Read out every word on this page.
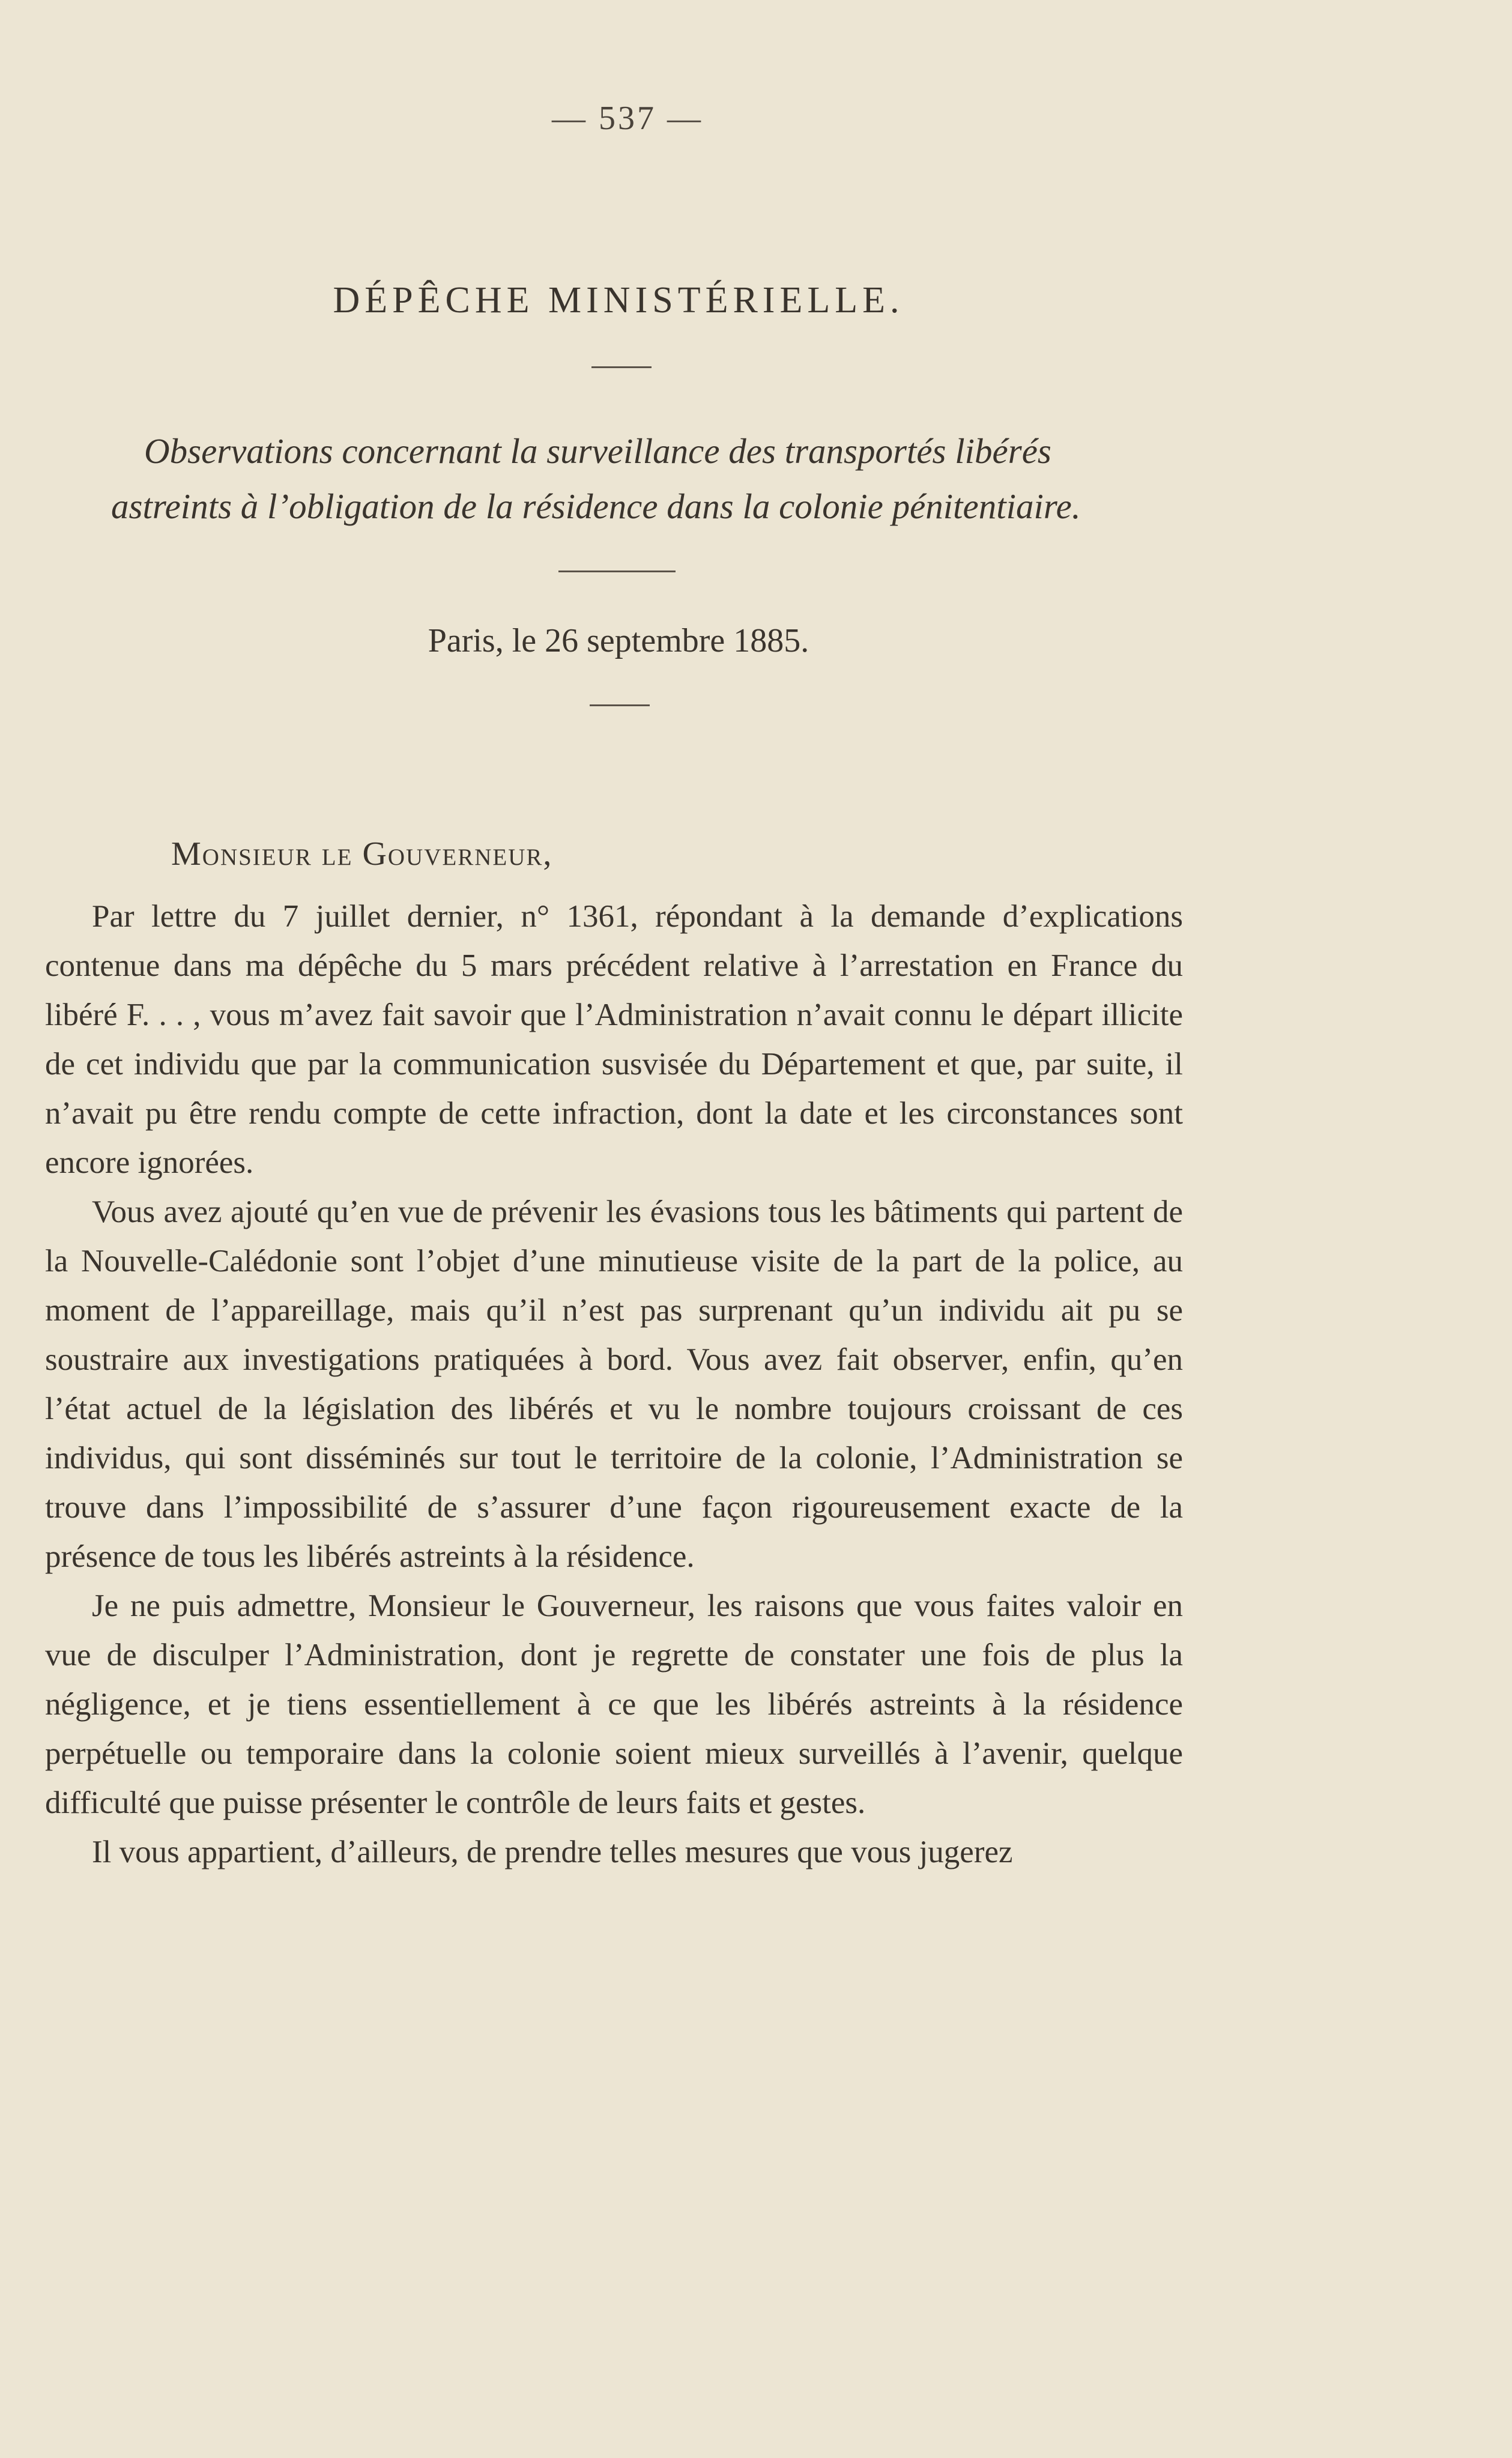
— 537 —
DÉPÊCHE MINISTÉRIELLE.
Observations concernant la surveillance des transportés libérés
astreints à l’obligation de la résidence dans la colonie pénitentiaire.
Paris, le 26 septembre 1885.
Monsieur le Gouverneur,

Par lettre du 7 juillet dernier, n° 1361, répondant à la demande d’explications contenue dans ma dépêche du 5 mars précédent relative à l’arrestation en France du libéré F. . . , vous m’avez fait savoir que l’Administration n’avait connu le départ illicite de cet individu que par la communication susvisée du Département et que, par suite, il n’avait pu être rendu compte de cette infraction, dont la date et les circonstances sont encore ignorées.

Vous avez ajouté qu’en vue de prévenir les évasions tous les bâtiments qui partent de la Nouvelle-Calédonie sont l’objet d’une minutieuse visite de la part de la police, au moment de l’appareillage, mais qu’il n’est pas surprenant qu’un individu ait pu se soustraire aux investigations pratiquées à bord. Vous avez fait observer, enfin, qu’en l’état actuel de la législation des libérés et vu le nombre toujours croissant de ces individus, qui sont disséminés sur tout le territoire de la colonie, l’Administration se trouve dans l’impossibilité de s’assurer d’une façon rigoureusement exacte de la présence de tous les libérés astreints à la résidence.

Je ne puis admettre, Monsieur le Gouverneur, les raisons que vous faites valoir en vue de disculper l’Administration, dont je regrette de constater une fois de plus la négligence, et je tiens essentiellement à ce que les libérés astreints à la résidence perpétuelle ou temporaire dans la colonie soient mieux surveillés à l’avenir, quelque difficulté que puisse présenter le contrôle de leurs faits et gestes.

Il vous appartient, d’ailleurs, de prendre telles mesures que vous jugerez
